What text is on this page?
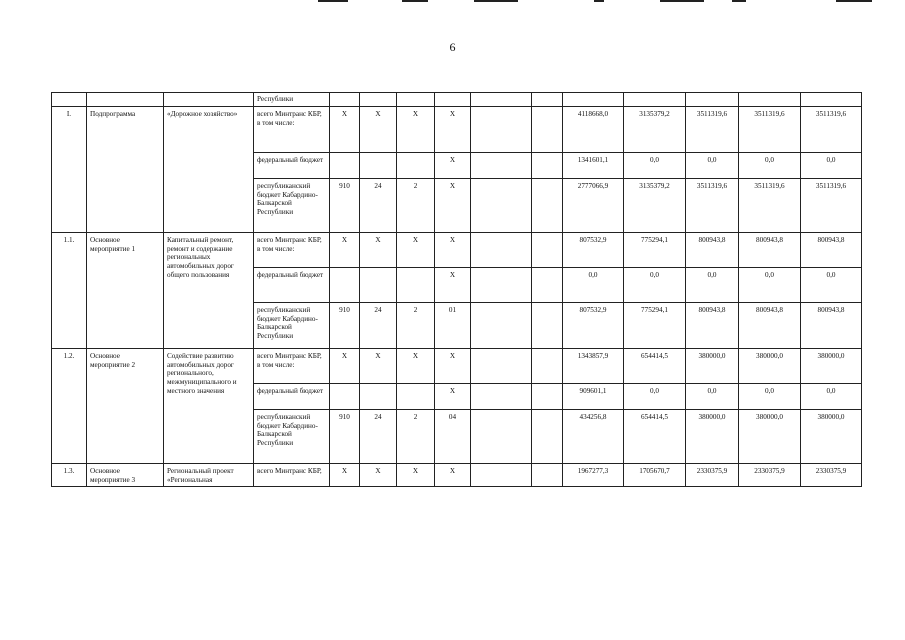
6
			Республики											
I.	Подпрограмма	«Дорожное хозяйство»	всего Минтранс КБР, в том числе:	X	X	X	X			4118668,0	3135379,2	3511319,6	3511319,6	3511319,6
			федеральный бюджет				X			1341601,1	0,0	0,0	0,0	0,0
			республиканский бюджет Кабардино-Балкарской Республики	910	24	2	X			2777066,9	3135379,2	3511319,6	3511319,6	3511319,6
1.1.	Основное мероприятие 1	Капитальный ремонт, ремонт и содержание региональных автомобильных дорог общего пользования	всего Минтранс КБР, в том числе:	X	X	X	X			807532,9	775294,1	800943,8	800943,8	800943,8
			федеральный бюджет				X			0,0	0,0	0,0	0,0	0,0
			республиканский бюджет Кабардино-Балкарской Республики	910	24	2	01			807532,9	775294,1	800943,8	800943,8	800943,8
1.2.	Основное мероприятие 2	Содействие развитию автомобильных дорог регионального, межмуниципального и местного значения	всего Минтранс КБР, в том числе:	X	X	X	X			1343857,9	654414,5	380000,0	380000,0	380000,0
			федеральный бюджет				X			909601,1	0,0	0,0	0,0	0,0
			республиканский бюджет Кабардино-Балкарской Республики	910	24	2	04			434256,8	654414,5	380000,0	380000,0	380000,0
1.3.	Основное мероприятие 3	Региональный проект «Региональная	всего Минтранс КБР,	X	X	X	X			1967277,3	1705670,7	2330375,9	2330375,9	2330375,9
